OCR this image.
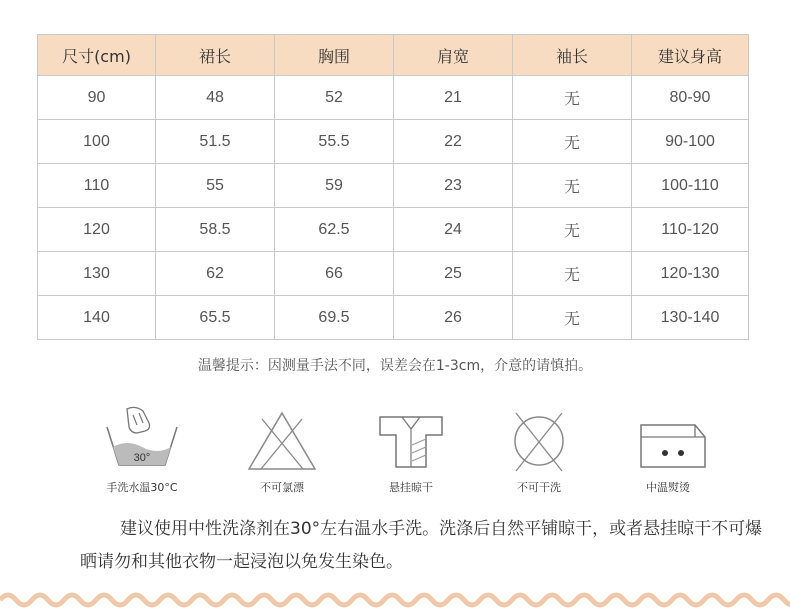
尺寸(cm)	裙长	胸围	肩宽	袖长	建议身高
90	48	52	21	无	80-90
100	51.5	55.5	22	无	90-100
110	55	59	23	无	100-110
120	58.5	62.5	24	无	110-120
130	62	66	25	无	120-130
140	65.5	69.5	26	无	130-140
温馨提示：因测量手法不同，误差会在1-3cm，介意的请慎拍。
30°
手洗水温30°C	不可氯漂	悬挂晾干	不可干洗	中温熨烫
建议使用中性洗涤剂在30°左右温水手洗。洗涤后自然平铺晾干，或者悬挂晾干不可爆晒请勿和其他衣物一起浸泡以免发生染色。
